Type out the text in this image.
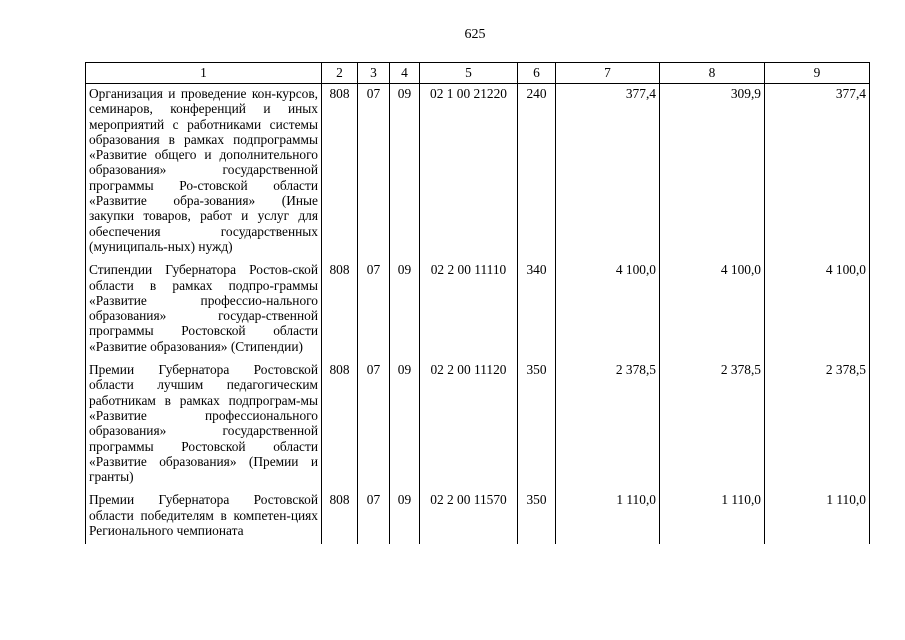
625
1	2	3	4	5	6	7	8	9
Организация и проведение кон-курсов, семинаров, конференций и иных мероприятий с работниками системы образования в рамках подпрограммы «Развитие общего и дополнительного образования» государственной программы Ро-стовской области «Развитие обра-зования» (Иные закупки товаров, работ и услуг для обеспечения государственных (муниципаль-ных) нужд)	808	07	09	02 1 00 21220	240	377,4	309,9	377,4
Стипендии Губернатора Ростов-ской области в рамках подпро-граммы «Развитие профессио-нального образования» государ-ственной программы Ростовской области «Развитие образования» (Стипендии)	808	07	09	02 2 00 11110	340	4 100,0	4 100,0	4 100,0
Премии Губернатора Ростовской области лучшим педагогическим работникам в рамках подпрограм-мы «Развитие профессионального образования» государственной программы Ростовской области «Развитие образования» (Премии и гранты)	808	07	09	02 2 00 11120	350	2 378,5	2 378,5	2 378,5
Премии Губернатора Ростовской области победителям в компетен-циях Регионального чемпионата	808	07	09	02 2 00 11570	350	1 110,0	1 110,0	1 110,0
